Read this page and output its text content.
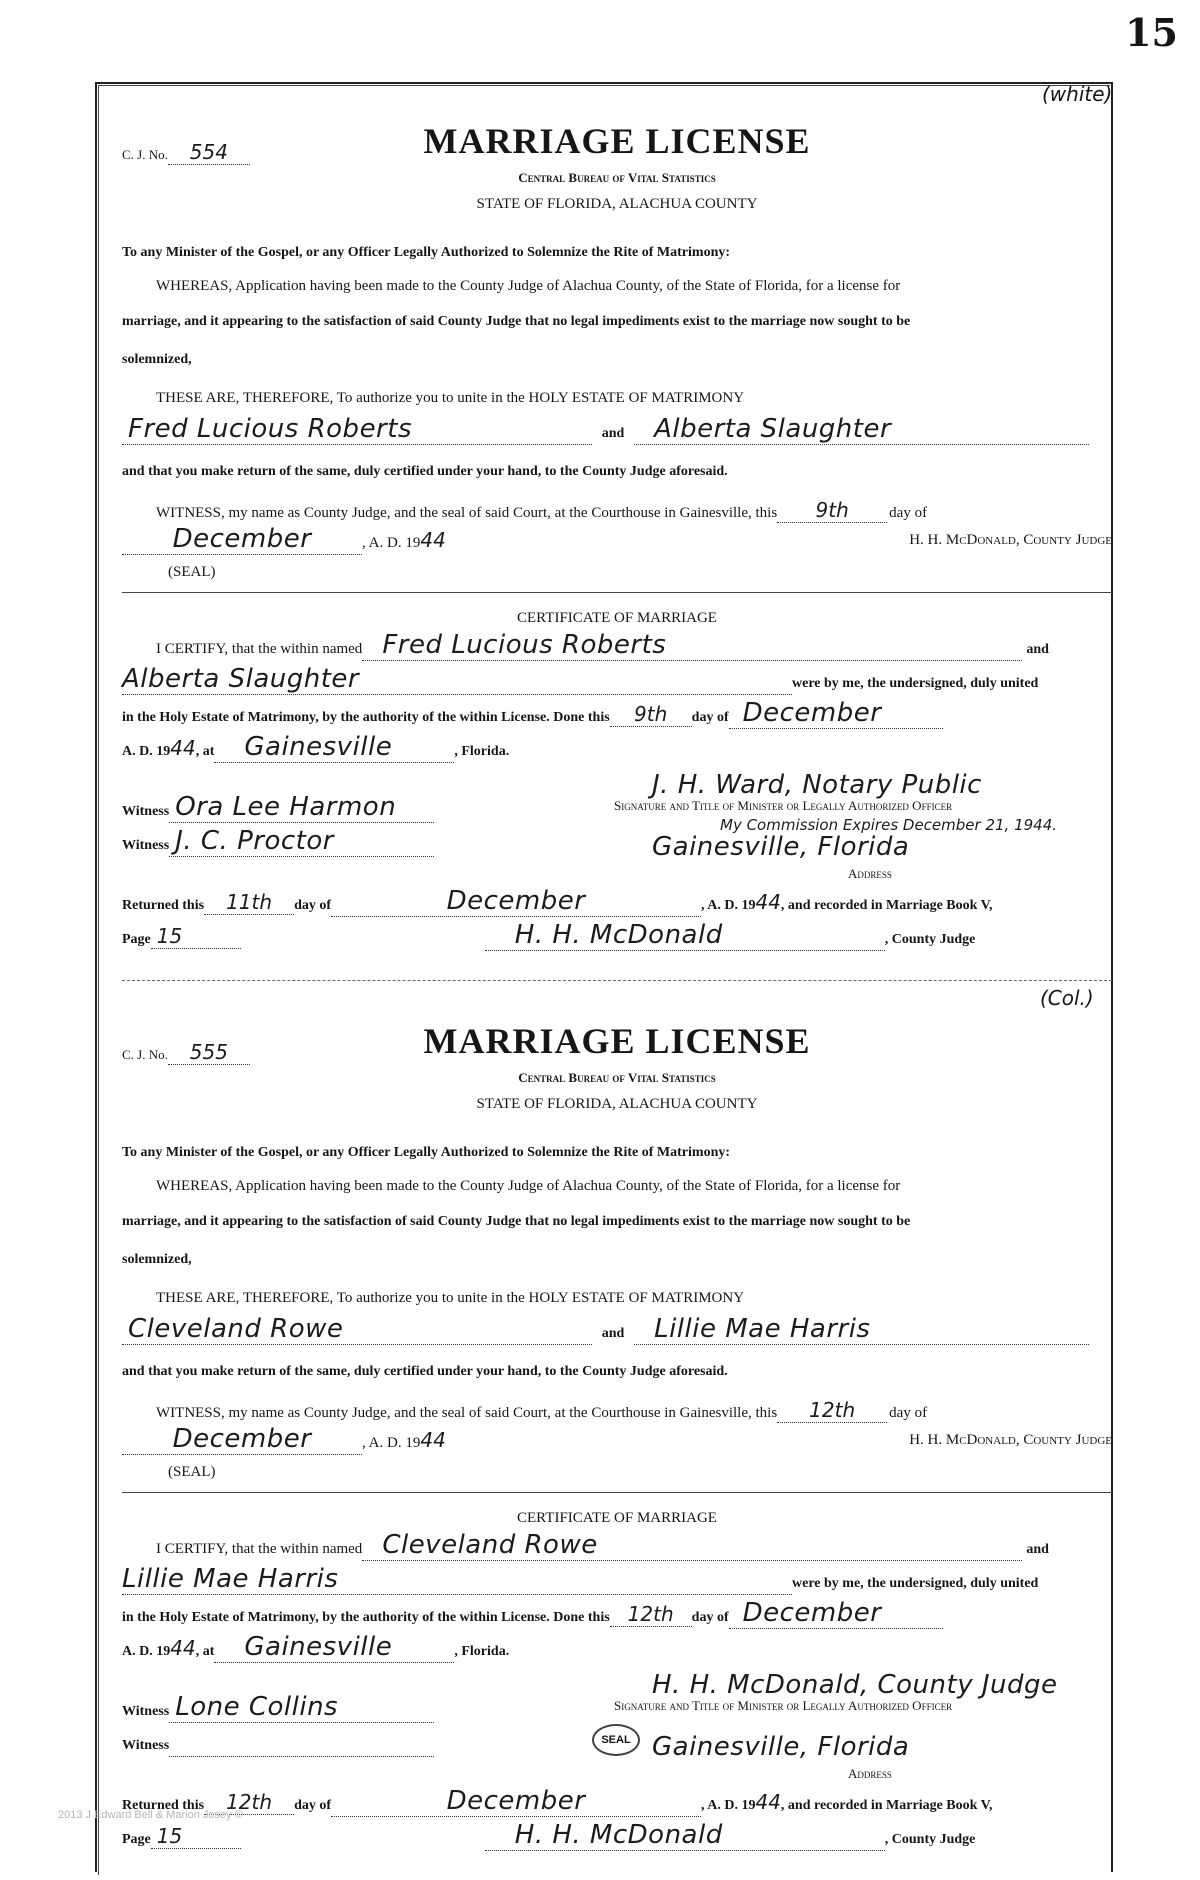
15
(white)
C. J. No. 554	MARRIAGE LICENSE
Central Bureau of Vital Statistics
STATE OF FLORIDA, ALACHUA COUNTY
To any Minister of the Gospel, or any Officer Legally Authorized to Solemnize the Rite of Matrimony:
WHEREAS, Application having been made to the County Judge of Alachua County, of the State of Florida, for a license for
marriage, and it appearing to the satisfaction of said County Judge that no legal impediments exist to the marriage now sought to be
solemnized,
THESE ARE, THEREFORE, To authorize you to unite in the HOLY ESTATE OF MATRIMONY
Fred Lucious Roberts	and Alberta Slaughter
and that you make return of the same, duly certified under your hand, to the County Judge aforesaid.
WITNESS, my name as County Judge, and the seal of said Court, at the Courthouse in Gainesville, this 9th	day of
December	, A. D. 1944	H. H. McDonald, County Judge
(SEAL)
CERTIFICATE OF MARRIAGE
I CERTIFY, that the within named Fred Lucious Roberts	and
Alberta Slaughter	were by me, the undersigned, duly united
in the Holy Estate of Matrimony, by the authority of the within License. Done this 9th day of December
A. D. 1944, at Gainesville	, Florida.
J. H. Ward, Notary Public
Witness Ora Lee Harmon	Signature and Title of Minister or Legally Authorized Officer
My Commission Expires December 21, 1944.
Witness J. C. Proctor	Gainesville, Florida
Address
Returned this 11th day of	December	, A. D. 1944, and recorded in Marriage Book V,
Page 15	H. H. McDonald	, County Judge
(Col.)
C. J. No. 555	MARRIAGE LICENSE
Central Bureau of Vital Statistics
STATE OF FLORIDA, ALACHUA COUNTY
To any Minister of the Gospel, or any Officer Legally Authorized to Solemnize the Rite of Matrimony:
WHEREAS, Application having been made to the County Judge of Alachua County, of the State of Florida, for a license for
marriage, and it appearing to the satisfaction of said County Judge that no legal impediments exist to the marriage now sought to be
solemnized,
THESE ARE, THEREFORE, To authorize you to unite in the HOLY ESTATE OF MATRIMONY
Cleveland Rowe	and Lillie Mae Harris
and that you make return of the same, duly certified under your hand, to the County Judge aforesaid.
WITNESS, my name as County Judge, and the seal of said Court, at the Courthouse in Gainesville, this 12th day of
December	, A. D. 1944	H. H. McDonald, County Judge
(SEAL)
CERTIFICATE OF MARRIAGE
I CERTIFY, that the within named Cleveland Rowe	and
Lillie Mae Harris	were by me, the undersigned, duly united
in the Holy Estate of Matrimony, by the authority of the within License. Done this 12th day of December
A. D. 1944, at Gainesville	, Florida.
H. H. McDonald, County Judge
Witness Lone Collins	Signature and Title of Minister or Legally Authorized Officer
Witness	SEAL Gainesville, Florida
Address
Returned this 12th day of	December	, A. D. 1944, and recorded in Marriage Book V,
Page 15	H. H. McDonald	, County Judge
2013 J Edward Bell & Marion Josey ©
